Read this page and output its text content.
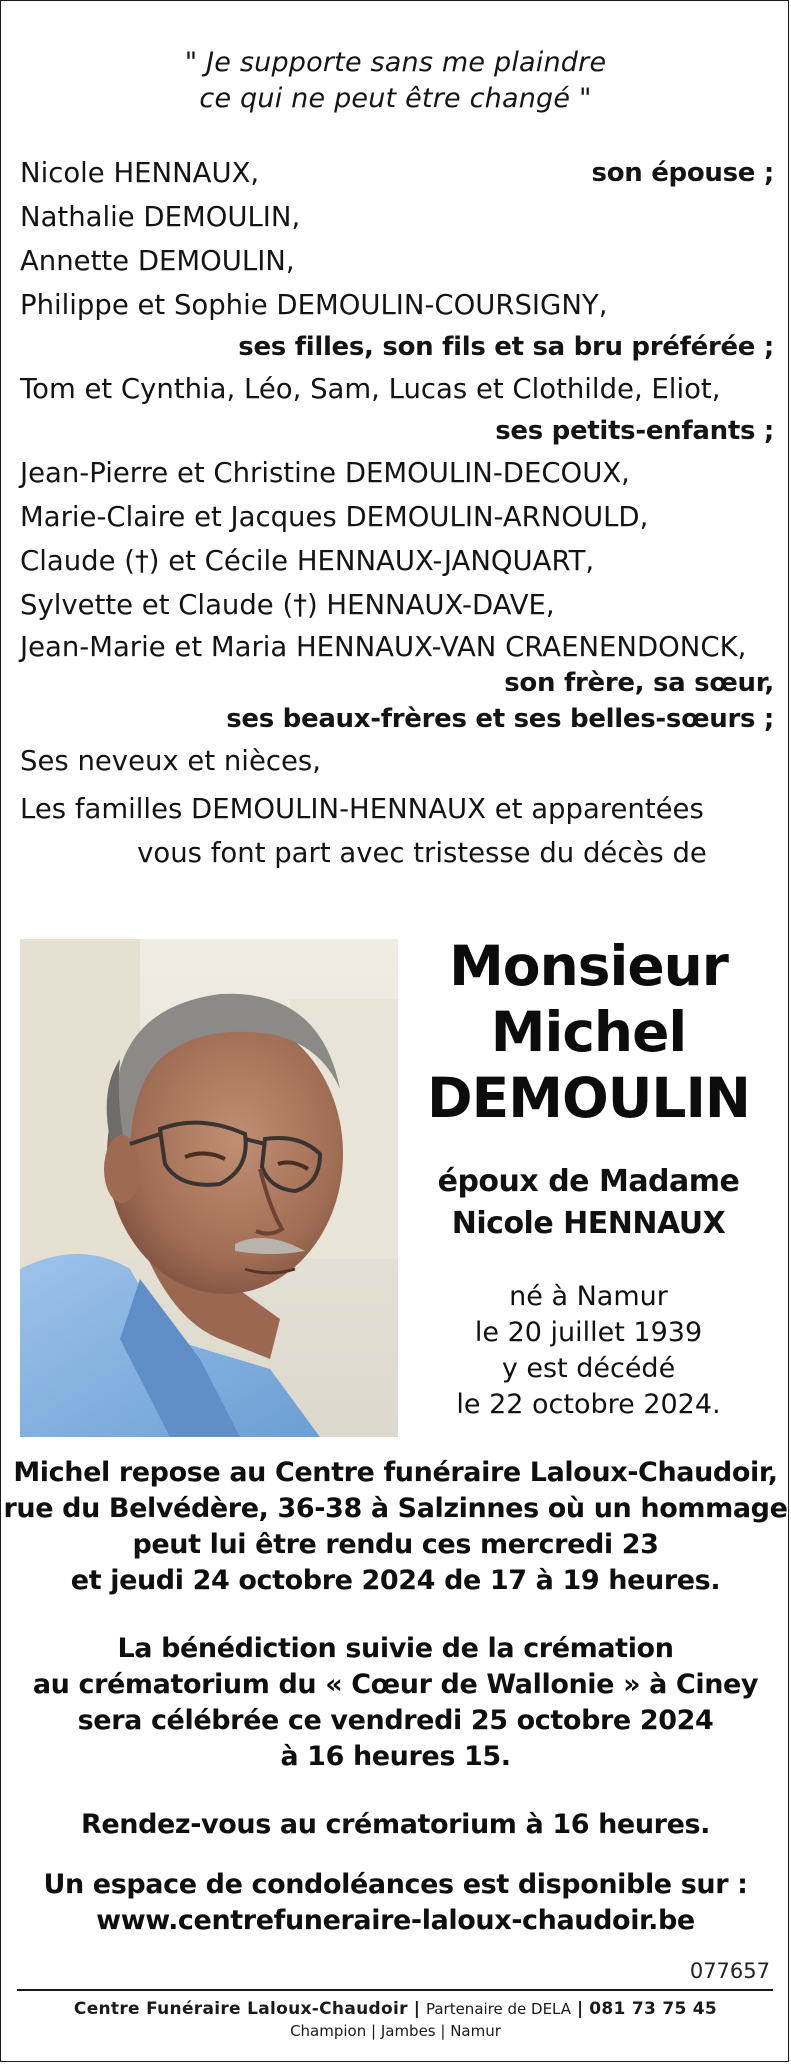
" Je supporte sans me plaindre
ce qui ne peut être changé "
Nicole HENNAUX,	son épouse ;
Nathalie DEMOULIN,
Annette DEMOULIN,
Philippe et Sophie DEMOULIN-COURSIGNY,
ses filles, son fils et sa bru préférée ;
Tom et Cynthia, Léo, Sam, Lucas et Clothilde, Eliot,
ses petits-enfants ;
Jean-Pierre et Christine DEMOULIN-DECOUX,
Marie-Claire et Jacques DEMOULIN-ARNOULD,
Claude (†) et Cécile HENNAUX-JANQUART,
Sylvette et Claude (†) HENNAUX-DAVE,
Jean-Marie et Maria HENNAUX-VAN CRAENENDONCK,
son frère, sa sœur,
ses beaux-frères et ses belles-sœurs ;
Ses neveux et nièces,
Les familles DEMOULIN-HENNAUX et apparentées
vous font part avec tristesse du décès de
Monsieur
Michel
DEMOULIN
époux de Madame
Nicole HENNAUX
né à Namur
le 20 juillet 1939
y est décédé
le 22 octobre 2024.
Michel repose au Centre funéraire Laloux-Chaudoir,
rue du Belvédère, 36-38 à Salzinnes où un hommage
peut lui être rendu ces mercredi 23
et jeudi 24 octobre 2024 de 17 à 19 heures.
La bénédiction suivie de la crémation
au crématorium du « Cœur de Wallonie » à Ciney
sera célébrée ce vendredi 25 octobre 2024
à 16 heures 15.
Rendez-vous au crématorium à 16 heures.
Un espace de condoléances est disponible sur :
www.centrefuneraire-laloux-chaudoir.be
077657
Centre Funéraire Laloux-Chaudoir | Partenaire de DELA | 081 73 75 45
Champion | Jambes | Namur
